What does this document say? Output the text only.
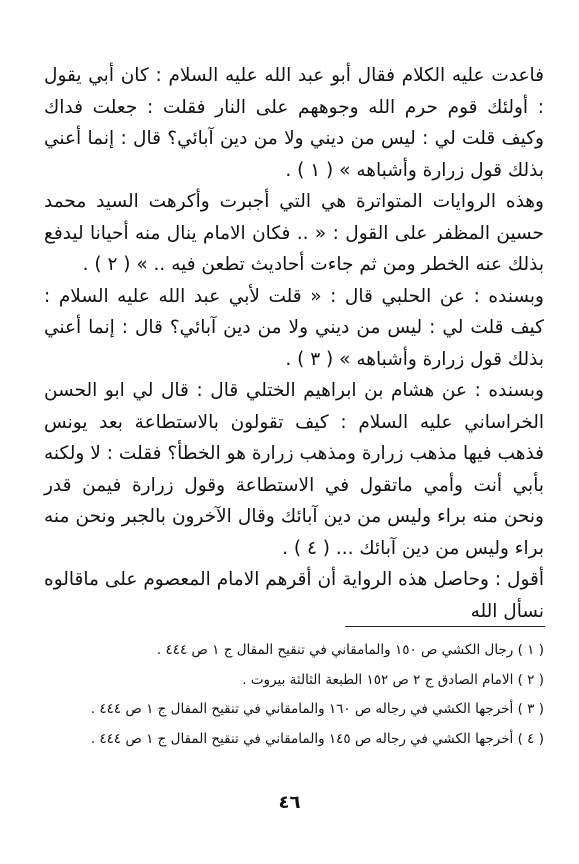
فاعدت عليه الكلام فقال أبو عبد الله عليه السلام : كان أبي يقول : أولئك قوم حرم الله وجوههم على النار فقلت : جعلت فداك وكيف قلت لي : ليس من ديني ولا من دين آبائي؟ قال : إنما أعني بذلك قول زرارة وأشباهه » ( ١ ) .

وهذه الروايات المتواترة هي التي أجبرت وأكرهت السيد محمد حسين المظفر على القول : « .. فكان الامام ينال منه أحيانا ليدفع بذلك عنه الخطر ومن ثم جاءت أحاديث تطعن فيه .. » ( ٢ ) .

وبسنده : عن الحلبي قال : « قلت لأبي عبد الله عليه السلام : كيف قلت لي : ليس من ديني ولا من دين آبائي؟ قال : إنما أعني بذلك قول زرارة وأشباهه » ( ٣ ) .

وبسنده : عن هشام بن ابراهيم الختلي قال : قال لي ابو الحسن الخراساني عليه السلام : كيف تقولون بالاستطاعة بعد يونس فذهب فيها مذهب زرارة ومذهب زرارة هو الخطأ؟ فقلت : لا ولكنه بأبي أنت وأمي ماتقول في الاستطاعة وقول زرارة فيمن قدر ونحن منه براء وليس من دين آبائك وقال الآخرون بالجبر ونحن منه براء وليس من دين آبائك ... ( ٤ ) .

أقول : وحاصل هذه الرواية أن أقرهم الامام المعصوم على ماقالوه نسأل الله

( ١ ) رجال الكشي ص ١٥٠ والمامقاني في تنقيح المقال ج ١ ص ٤٤٤ .

( ٢ ) الامام الصادق ج ٢ ص ١٥٢ الطبعة الثالثة بيروت .

( ٣ ) أخرجها الكشي في رجاله ص ١٦٠ والمامقاني في تنقيح المقال ج ١ ص ٤٤٤ .

( ٤ ) أخرجها الكشي في رجاله ص ١٤٥ والمامقاني في تنقيح المقال ج ١ ص ٤٤٤ .

٤٦
